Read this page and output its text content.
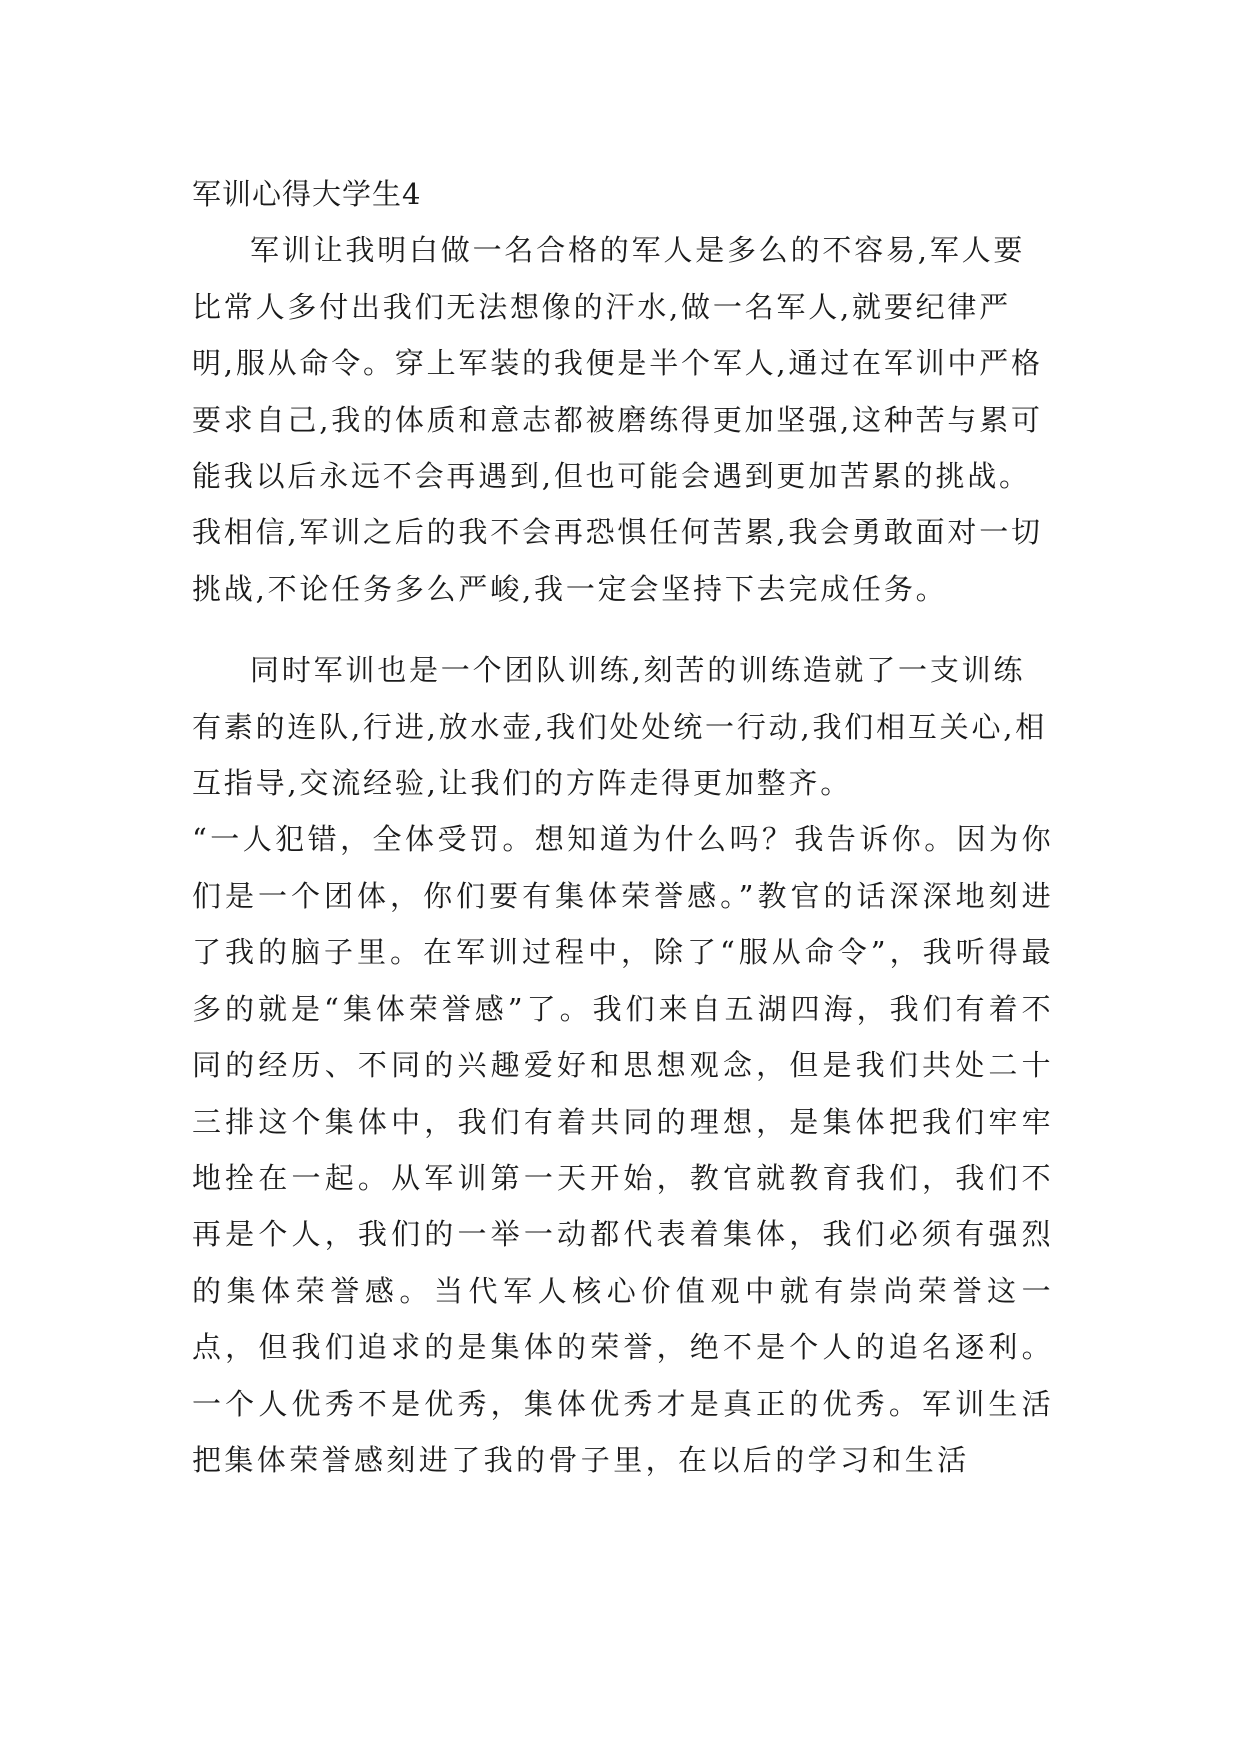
军训心得大学生4

军训让我明白做一名合格的军人是多么的不容易,军人要比常人多付出我们无法想像的汗水,做一名军人,就要纪律严明,服从命令。穿上军装的我便是半个军人,通过在军训中严格要求自己,我的体质和意志都被磨练得更加坚强,这种苦与累可能我以后永远不会再遇到,但也可能会遇到更加苦累的挑战。我相信,军训之后的我不会再恐惧任何苦累,我会勇敢面对一切挑战,不论任务多么严峻,我一定会坚持下去完成任务。

同时军训也是一个团队训练,刻苦的训练造就了一支训练有素的连队,行进,放水壶,我们处处统一行动,我们相互关心,相互指导,交流经验,让我们的方阵走得更加整齐。

“一人犯错，全体受罚。想知道为什么吗？我告诉你。因为你们是一个团体，你们要有集体荣誉感。”教官的话深深地刻进了我的脑子里。在军训过程中，除了“服从命令”，我听得最多的就是“集体荣誉感”了。我们来自五湖四海，我们有着不同的经历、不同的兴趣爱好和思想观念，但是我们共处二十三排这个集体中，我们有着共同的理想，是集体把我们牢牢地拴在一起。从军训第一天开始，教官就教育我们，我们不再是个人，我们的一举一动都代表着集体，我们必须有强烈的集体荣誉感。当代军人核心价值观中就有崇尚荣誉这一点，但我们追求的是集体的荣誉，绝不是个人的追名逐利。一个人优秀不是优秀，集体优秀才是真正的优秀。军训生活把集体荣誉感刻进了我的骨子里，在以后的学习和生活
